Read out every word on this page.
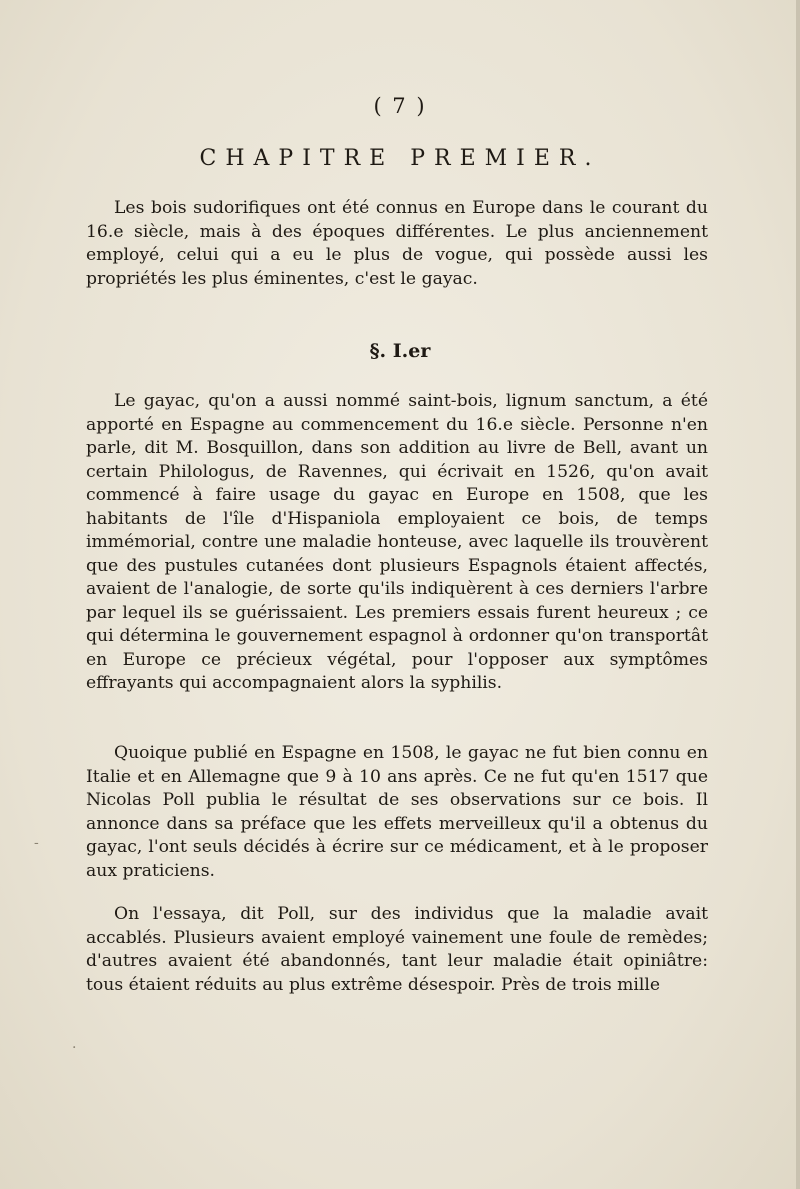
( 7 )
CHAPITRE PREMIER.

Les bois sudorifiques ont été connus en Europe dans le courant du 16.e siècle, mais à des époques différentes. Le plus anciennement employé, celui qui a eu le plus de vogue, qui possède aussi les propriétés les plus éminentes, c'est le gayac.

§. I.er

Le gayac, qu'on a aussi nommé saint-bois, lignum sanctum, a été apporté en Espagne au commencement du 16.e siècle. Personne n'en parle, dit M. Bosquillon, dans son addition au livre de Bell, avant un certain Philologus, de Ravennes, qui écrivait en 1526, qu'on avait commencé à faire usage du gayac en Europe en 1508, que les habitants de l'île d'Hispaniola employaient ce bois, de temps immémorial, contre une maladie honteuse, avec laquelle ils trouvèrent que des pustules cutanées dont plusieurs Espagnols étaient affectés, avaient de l'analogie, de sorte qu'ils indiquèrent à ces derniers l'arbre par lequel ils se guérissaient. Les premiers essais furent heureux ; ce qui détermina le gouvernement espagnol à ordonner qu'on transportât en Europe ce précieux végétal, pour l'opposer aux symptômes effrayants qui accompagnaient alors la syphilis.

Quoique publié en Espagne en 1508, le gayac ne fut bien connu en Italie et en Allemagne que 9 à 10 ans après. Ce ne fut qu'en 1517 que Nicolas Poll publia le résultat de ses observations sur ce bois. Il annonce dans sa préface que les effets merveilleux qu'il a obtenus du gayac, l'ont seuls décidés à écrire sur ce médicament, et à le proposer aux praticiens.

On l'essaya, dit Poll, sur des individus que la maladie avait accablés. Plusieurs avaient employé vainement une foule de remèdes; d'autres avaient été abandonnés, tant leur maladie était opiniâtre: tous étaient réduits au plus extrême désespoir. Près de trois mille

-
·
